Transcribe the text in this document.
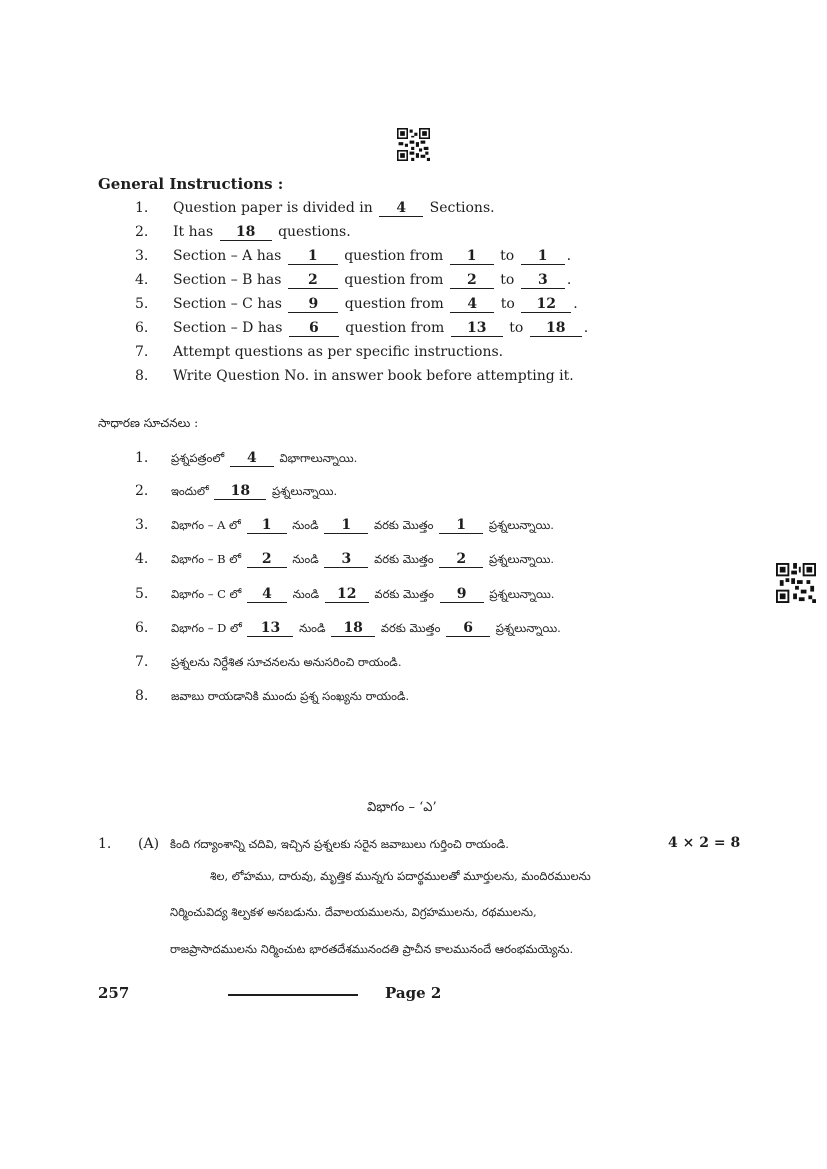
General Instructions :
1. Question paper is divided in 4 Sections.
2. It has 18 questions.
3. Section – A has 1 question from 1 to 1 .
4. Section – B has 2 question from 2 to 3 .
5. Section – C has 9 question from 4 to 12 .
6. Section – D has 6 question from 13 to 18 .
7. Attempt questions as per specific instructions.
8. Write Question No. in answer book before attempting it.
సాధారణ సూచనలు :
1. ప్రశ్నపత్రంలో 4 విభాగాలున్నాయి.
2. ఇందులో 18 ప్రశ్నలున్నాయి.
3. విభాగం – A లో 1 నుండి 1 వరకు మొత్తం 1 ప్రశ్నలున్నాయి.
4. విభాగం – B లో 2 నుండి 3 వరకు మొత్తం 2 ప్రశ్నలున్నాయి.
5. విభాగం – C లో 4 నుండి 12 వరకు మొత్తం 9 ప్రశ్నలున్నాయి.
6. విభాగం – D లో 13 నుండి 18 వరకు మొత్తం 6 ప్రశ్నలున్నాయి.
7. ప్రశ్నలను నిర్దేశిత సూచనలను అనుసరించి రాయండి.
8. జవాబు రాయడానికి ముందు ప్రశ్న సంఖ్యను రాయండి.
విభాగం – ‘ఎ’
1. (A) కింది గద్యాంశాన్ని చదివి, ఇచ్చిన ప్రశ్నలకు సరైన జవాబులు గుర్తించి రాయండి.	4 × 2 = 8
శిల, లోహము, దారువు, మృత్తిక మున్నగు పదార్థములతో మూర్తులను, మందిరములను
నిర్మించువిద్య శిల్పకళ అనబడును. దేవాలయములను, విగ్రహములను, రథములను,
రాజప్రాసాదములను నిర్మించుట భారతదేశమునందతి ప్రాచీన కాలమునందే ఆరంభమయ్యెను.
257	Page 2
